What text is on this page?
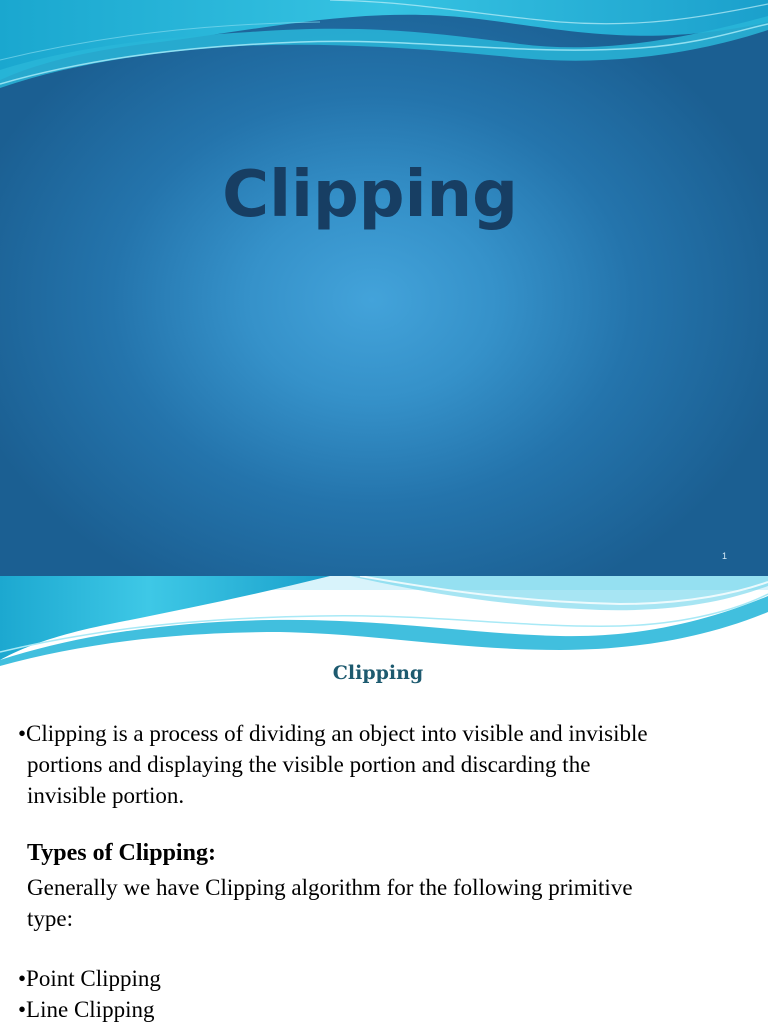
Clipping
1
Clipping
•Clipping is a process of dividing an object into visible and invisible
portions and displaying the visible portion and discarding the
invisible portion.
Types of Clipping:
Generally we have Clipping algorithm for the following primitive
type:
•Point Clipping
•Line Clipping
